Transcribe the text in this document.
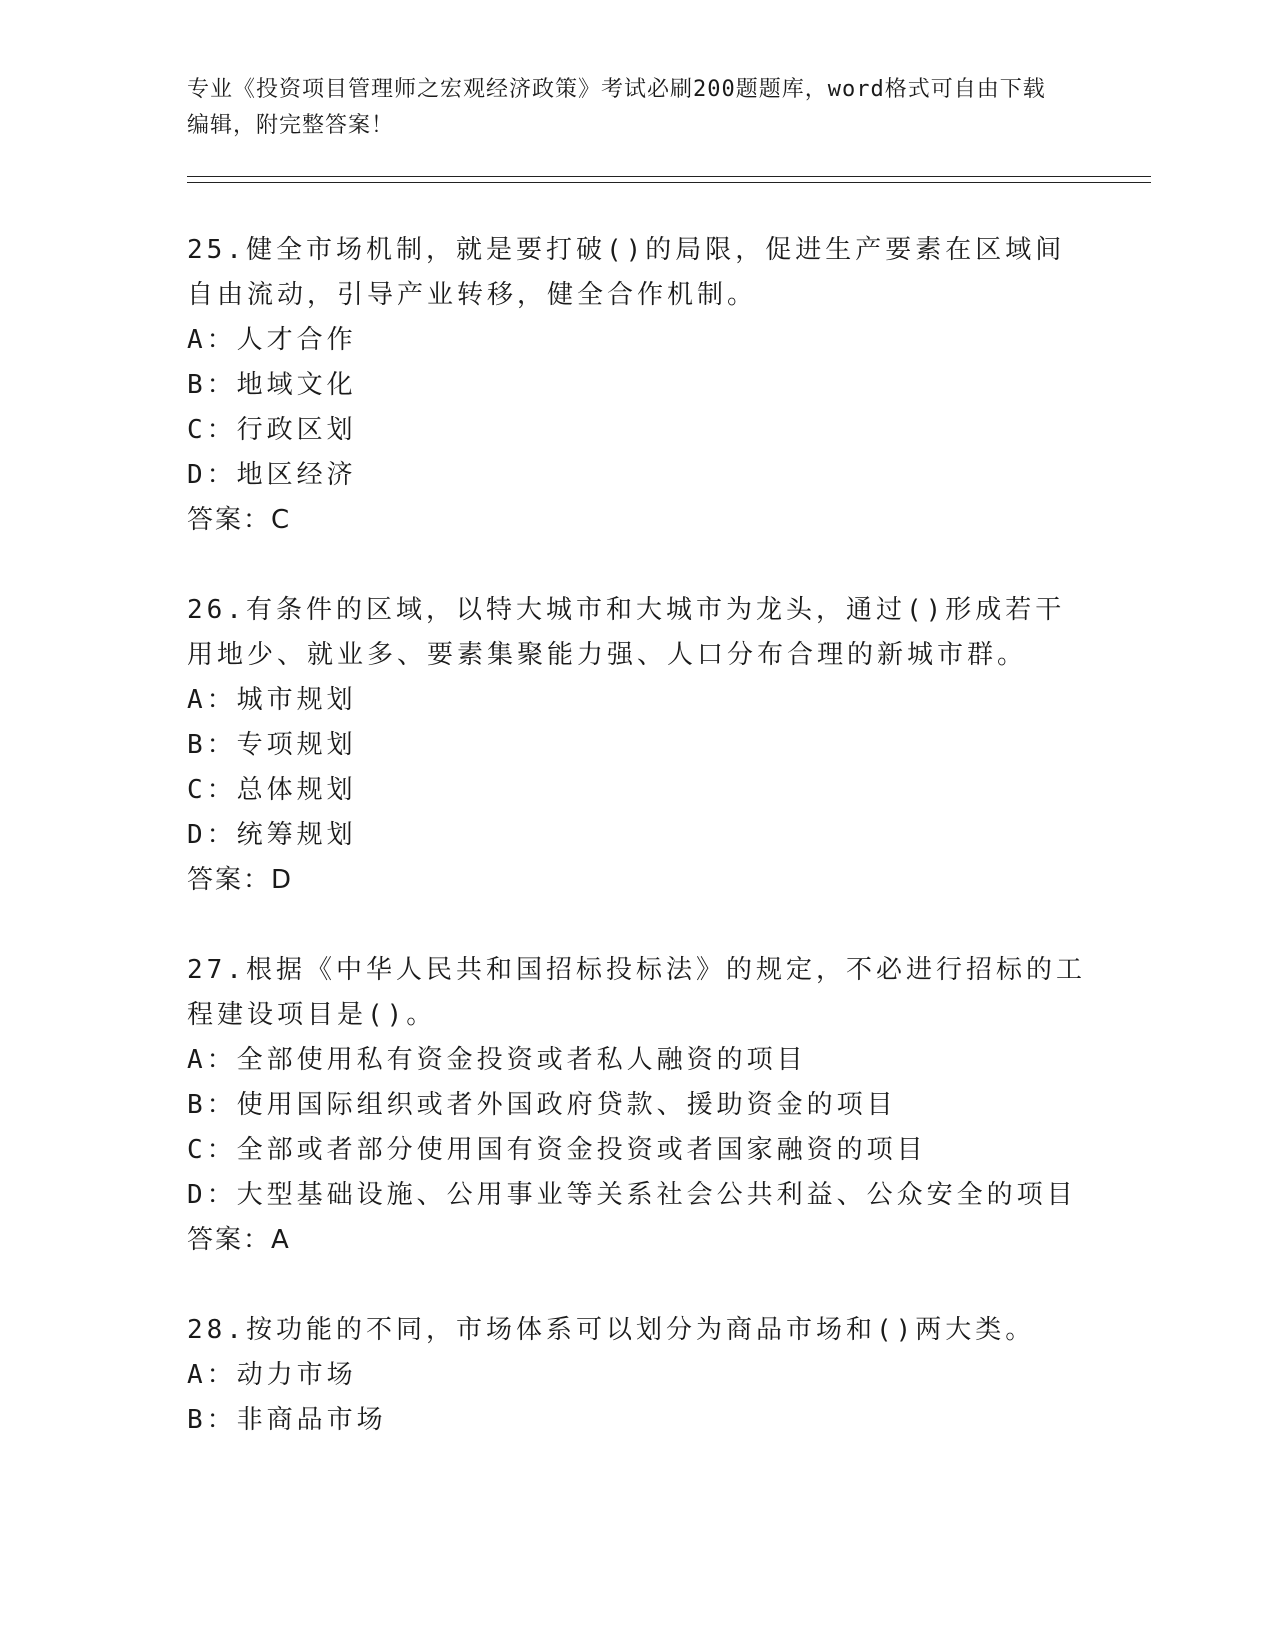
专业《投资项目管理师之宏观经济政策》考试必刷200题题库，word格式可自由下载编辑，附完整答案！
25.健全市场机制，就是要打破()的局限，促进生产要素在区域间自由流动，引导产业转移，健全合作机制。
A：人才合作
B：地域文化
C：行政区划
D：地区经济
答案：C
26.有条件的区域，以特大城市和大城市为龙头，通过()形成若干用地少、就业多、要素集聚能力强、人口分布合理的新城市群。
A：城市规划
B：专项规划
C：总体规划
D：统筹规划
答案：D
27.根据《中华人民共和国招标投标法》的规定，不必进行招标的工程建设项目是()。
A：全部使用私有资金投资或者私人融资的项目
B：使用国际组织或者外国政府贷款、援助资金的项目
C：全部或者部分使用国有资金投资或者国家融资的项目
D：大型基础设施、公用事业等关系社会公共利益、公众安全的项目
答案：A
28.按功能的不同，市场体系可以划分为商品市场和()两大类。
A：动力市场
B：非商品市场
